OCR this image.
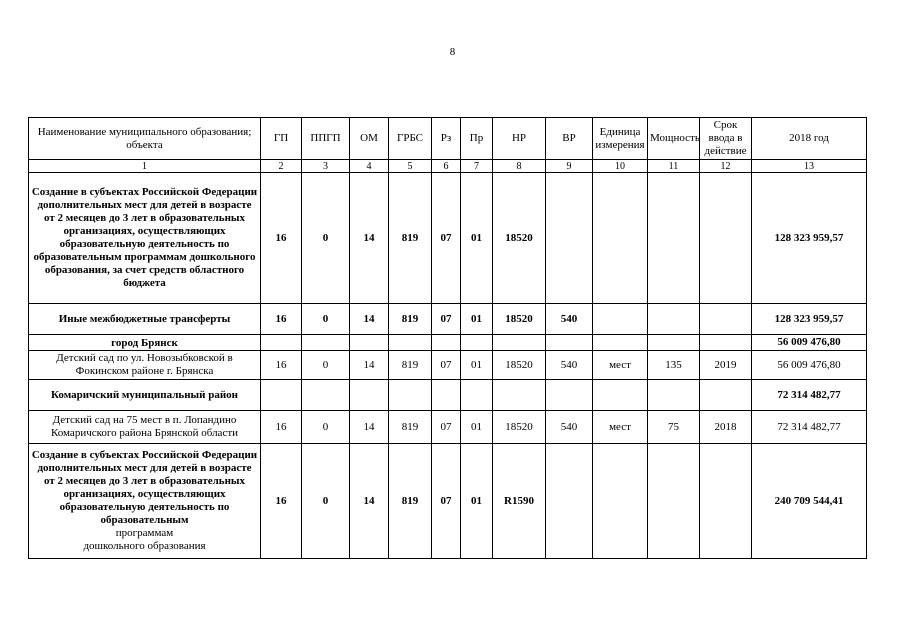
8
Наименование муниципального образования; объекта	ГП	ППГП	ОМ	ГРБС	Рз	Пр	НР	ВР	Единица измерения	Мощность	Срок ввода в действие	2018 год
1	2	3	4	5	6	7	8	9	10	11	12	13
Создание в субъектах Российской Федерации дополнительных мест для детей в возрасте от 2 месяцев до 3 лет в образовательных организациях, осуществляющих образовательную деятельность по образовательным программам дошкольного образования, за счет средств областного бюджета	16	0	14	819	07	01	18520					128 323 959,57
Иные межбюджетные трансферты	16	0	14	819	07	01	18520	540				128 323 959,57
город Брянск												56 009 476,80
Детский сад по ул. Новозыбковской в Фокинском районе г. Брянска	16	0	14	819	07	01	18520	540	мест	135	2019	56 009 476,80
Комаричский муниципальный район												72 314 482,77
Детский сад на 75 мест в п. Лопандино Комаричского района Брянской области	16	0	14	819	07	01	18520	540	мест	75	2018	72 314 482,77
Создание в субъектах Российской Федерации дополнительных мест для детей в возрасте от 2 месяцев до 3 лет в образовательных организациях, осуществляющих образовательную деятельность по образовательным
программам
дошкольного образования	16	0	14	819	07	01	R1590					240 709 544,41
